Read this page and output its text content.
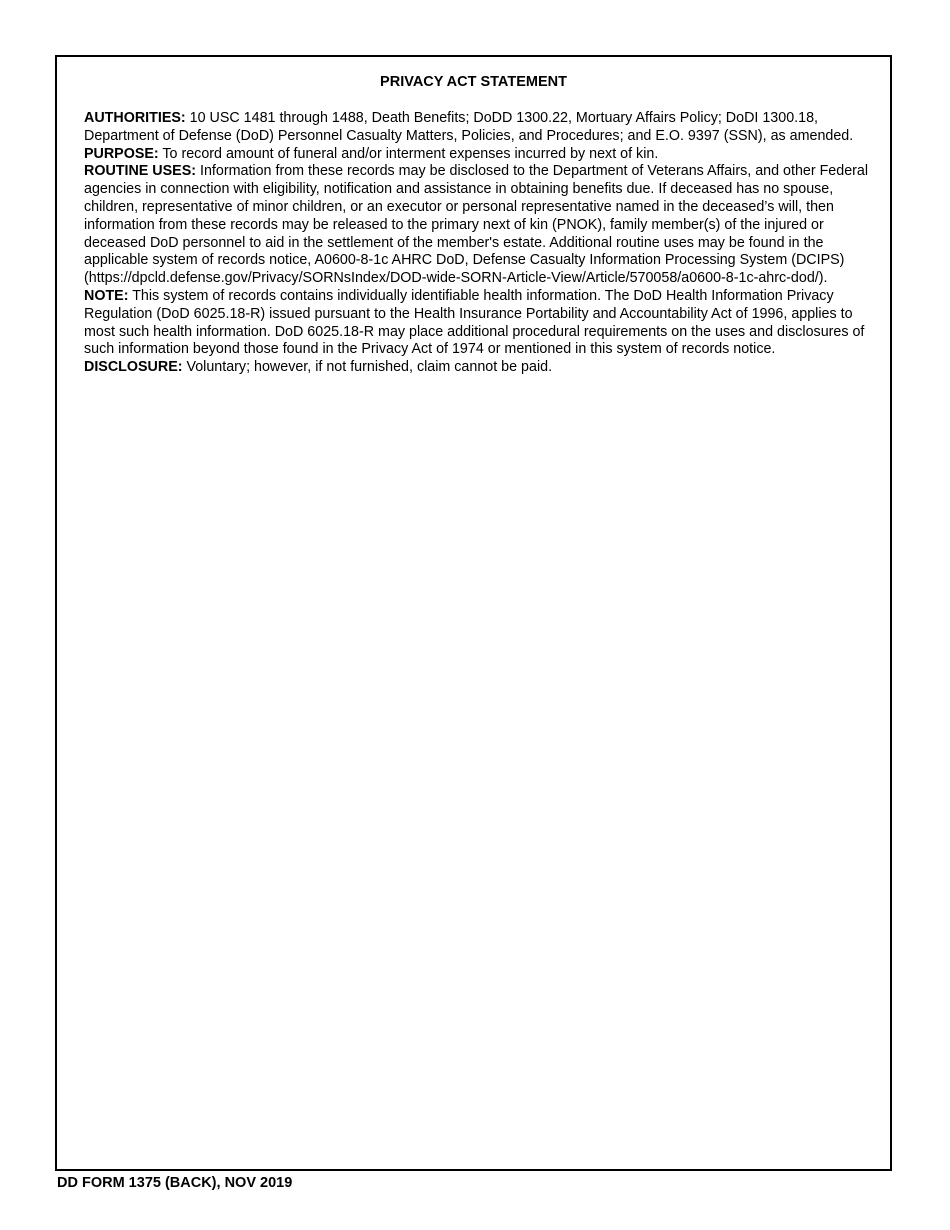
PRIVACY ACT STATEMENT

AUTHORITIES: 10 USC 1481 through 1488, Death Benefits; DoDD 1300.22, Mortuary Affairs Policy; DoDI 1300.18, Department of Defense (DoD) Personnel Casualty Matters, Policies, and Procedures; and E.O. 9397 (SSN), as amended.

PURPOSE: To record amount of funeral and/or interment expenses incurred by next of kin.

ROUTINE USES: Information from these records may be disclosed to the Department of Veterans Affairs, and other Federal agencies in connection with eligibility, notification and assistance in obtaining benefits due. If deceased has no spouse, children, representative of minor children, or an executor or personal representative named in the deceased’s will, then information from these records may be released to the primary next of kin (PNOK), family member(s) of the injured or deceased DoD personnel to aid in the settlement of the member's estate. Additional routine uses may be found in the applicable system of records notice, A0600-8-1c AHRC DoD, Defense Casualty Information Processing System (DCIPS) (https://dpcld.defense.gov/Privacy/SORNsIndex/DOD-wide-SORN-Article-View/Article/570058/a0600-8-1c-ahrc-dod/).

NOTE: This system of records contains individually identifiable health information. The DoD Health Information Privacy Regulation (DoD 6025.18-R) issued pursuant to the Health Insurance Portability and Accountability Act of 1996, applies to most such health information. DoD 6025.18-R may place additional procedural requirements on the uses and disclosures of such information beyond those found in the Privacy Act of 1974 or mentioned in this system of records notice.

DISCLOSURE: Voluntary; however, if not furnished, claim cannot be paid.

DD FORM 1375 (BACK), NOV 2019
